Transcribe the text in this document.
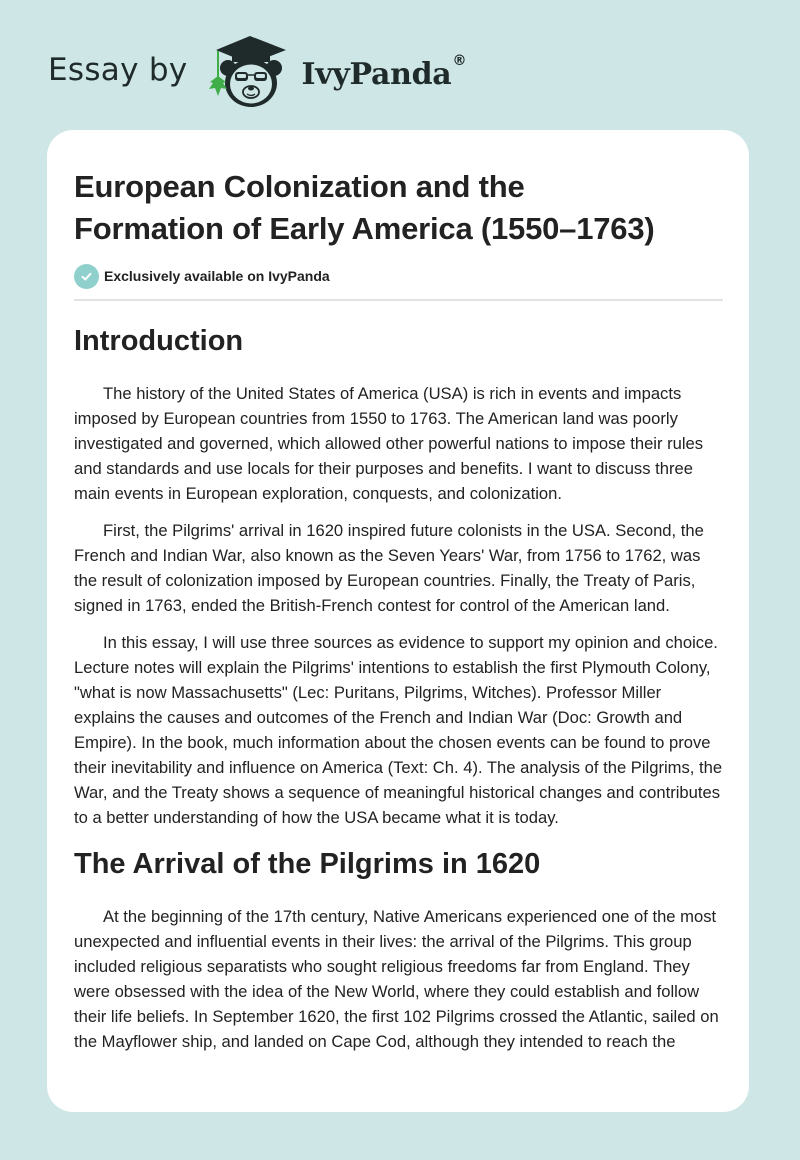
Essay by	IvyPanda®
European Colonization and the
Formation of Early America (1550–1763)
Exclusively available on IvyPanda
Introduction

The history of the United States of America (USA) is rich in events and impacts imposed by European countries from 1550 to 1763. The American land was poorly investigated and governed, which allowed other powerful nations to impose their rules and standards and use locals for their purposes and benefits. I want to discuss three main events in European exploration, conquests, and colonization.

First, the Pilgrims' arrival in 1620 inspired future colonists in the USA. Second, the French and Indian War, also known as the Seven Years' War, from 1756 to 1762, was the result of colonization imposed by European countries. Finally, the Treaty of Paris, signed in 1763, ended the British-French contest for control of the American land.

In this essay, I will use three sources as evidence to support my opinion and choice. Lecture notes will explain the Pilgrims' intentions to establish the first Plymouth Colony, "what is now Massachusetts" (Lec: Puritans, Pilgrims, Witches). Professor Miller explains the causes and outcomes of the French and Indian War (Doc: Growth and Empire). In the book, much information about the chosen events can be found to prove their inevitability and influence on America (Text: Ch. 4). The analysis of the Pilgrims, the War, and the Treaty shows a sequence of meaningful historical changes and contributes to a better understanding of how the USA became what it is today.

The Arrival of the Pilgrims in 1620

At the beginning of the 17th century, Native Americans experienced one of the most unexpected and influential events in their lives: the arrival of the Pilgrims. This group included religious separatists who sought religious freedoms far from England. They were obsessed with the idea of the New World, where they could establish and follow their life beliefs. In September 1620, the first 102 Pilgrims crossed the Atlantic, sailed on the Mayflower ship, and landed on Cape Cod, although they intended to reach the
